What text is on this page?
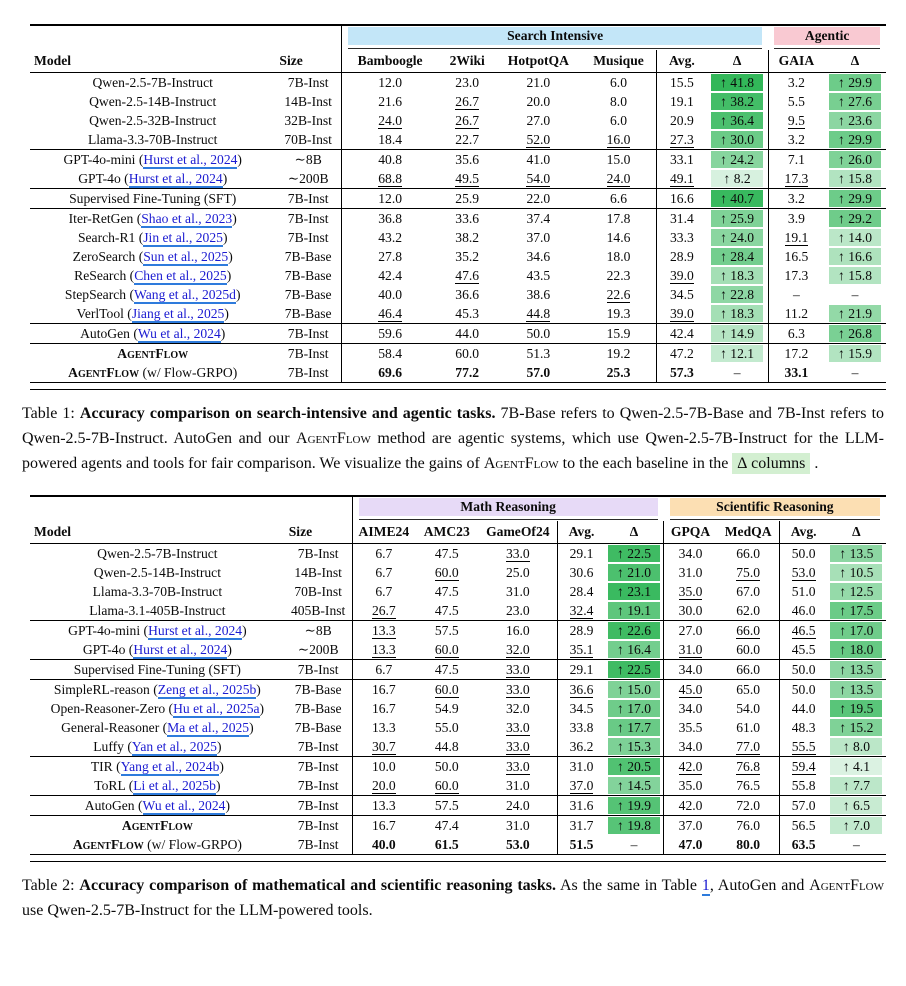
		Search Intensive						Agentic	

Model	Size	Bamboogle	2Wiki	HotpotQA	Musique	Avg.	∆	GAIA	∆
Qwen-2.5-7B-Instruct	7B-Inst	12.0	23.0	21.0	6.0	15.5	↑ 41.8	3.2	↑ 29.9

Qwen-2.5-14B-Instruct	14B-Inst	21.6	26.7	20.0	8.0	19.1	↑ 38.2	5.5	↑ 27.6

Qwen-2.5-32B-Instruct	32B-Inst	24.0	26.7	27.0	6.0	20.9	↑ 36.4	9.5	↑ 23.6

Llama-3.3-70B-Instruct	70B-Inst	18.4	22.7	52.0	16.0	27.3	↑ 30.0	3.2	↑ 29.9

GPT-4o-mini (Hurst et al., 2024)	∼8B	40.8	35.6	41.0	15.0	33.1	↑ 24.2	7.1	↑ 26.0

GPT-4o (Hurst et al., 2024)	∼200B	68.8	49.5	54.0	24.0	49.1	↑ 8.2	17.3	↑ 15.8

Supervised Fine-Tuning (SFT)	7B-Inst	12.0	25.9	22.0	6.6	16.6	↑ 40.7	3.2	↑ 29.9

Iter-RetGen (Shao et al., 2023)	7B-Inst	36.8	33.6	37.4	17.8	31.4	↑ 25.9	3.9	↑ 29.2

Search-R1 (Jin et al., 2025)	7B-Inst	43.2	38.2	37.0	14.6	33.3	↑ 24.0	19.1	↑ 14.0

ZeroSearch (Sun et al., 2025)	7B-Base	27.8	35.2	34.6	18.0	28.9	↑ 28.4	16.5	↑ 16.6

ReSearch (Chen et al., 2025)	7B-Base	42.4	47.6	43.5	22.3	39.0	↑ 18.3	17.3	↑ 15.8

StepSearch (Wang et al., 2025d)	7B-Base	40.0	36.6	38.6	22.6	34.5	↑ 22.8	–	–
VerlTool (Jiang et al., 2025)	7B-Base	46.4	45.3	44.8	19.3	39.0	↑ 18.3	11.2	↑ 21.9

AutoGen (Wu et al., 2024)	7B-Inst	59.6	44.0	50.0	15.9	42.4	↑ 14.9	6.3	↑ 26.8

AgentFlow	7B-Inst	58.4	60.0	51.3	19.2	47.2	↑ 12.1	17.2	↑ 15.9

AgentFlow (w/ Flow-GRPO)	7B-Inst	69.6	77.2	57.0	25.3	57.3	–	33.1	–

Table 1: Accuracy comparison on search-intensive and agentic tasks. 7B-Base refers to Qwen-2.5-7B-Base and 7B-Inst refers to Qwen-2.5-7B-Instruct. AutoGen and our AgentFlow method are agentic systems, which use Qwen-2.5-7B-Instruct for the LLM-powered agents and tools for fair comparison. We visualize the gains of AgentFlow to the each baseline in the ∆ columns .

		Math Reasoning					Scientific Reasoning			

Model	Size	AIME24	AMC23	GameOf24	Avg.	∆	GPQA	MedQA	Avg.	∆
Qwen-2.5-7B-Instruct	7B-Inst	6.7	47.5	33.0	29.1	↑ 22.5	34.0	66.0	50.0	↑ 13.5

Qwen-2.5-14B-Instruct	14B-Inst	6.7	60.0	25.0	30.6	↑ 21.0	31.0	75.0	53.0	↑ 10.5

Llama-3.3-70B-Instruct	70B-Inst	6.7	47.5	31.0	28.4	↑ 23.1	35.0	67.0	51.0	↑ 12.5

Llama-3.1-405B-Instruct	405B-Inst	26.7	47.5	23.0	32.4	↑ 19.1	30.0	62.0	46.0	↑ 17.5

GPT-4o-mini (Hurst et al., 2024)	∼8B	13.3	57.5	16.0	28.9	↑ 22.6	27.0	66.0	46.5	↑ 17.0

GPT-4o (Hurst et al., 2024)	∼200B	13.3	60.0	32.0	35.1	↑ 16.4	31.0	60.0	45.5	↑ 18.0

Supervised Fine-Tuning (SFT)	7B-Inst	6.7	47.5	33.0	29.1	↑ 22.5	34.0	66.0	50.0	↑ 13.5

SimpleRL-reason (Zeng et al., 2025b)	7B-Base	16.7	60.0	33.0	36.6	↑ 15.0	45.0	65.0	50.0	↑ 13.5

Open-Reasoner-Zero (Hu et al., 2025a)	7B-Base	16.7	54.9	32.0	34.5	↑ 17.0	34.0	54.0	44.0	↑ 19.5

General-Reasoner (Ma et al., 2025)	7B-Base	13.3	55.0	33.0	33.8	↑ 17.7	35.5	61.0	48.3	↑ 15.2

Luffy (Yan et al., 2025)	7B-Inst	30.7	44.8	33.0	36.2	↑ 15.3	34.0	77.0	55.5	↑ 8.0

TIR (Yang et al., 2024b)	7B-Inst	10.0	50.0	33.0	31.0	↑ 20.5	42.0	76.8	59.4	↑ 4.1

ToRL (Li et al., 2025b)	7B-Inst	20.0	60.0	31.0	37.0	↑ 14.5	35.0	76.5	55.8	↑ 7.7

AutoGen (Wu et al., 2024)	7B-Inst	13.3	57.5	24.0	31.6	↑ 19.9	42.0	72.0	57.0	↑ 6.5

AgentFlow	7B-Inst	16.7	47.4	31.0	31.7	↑ 19.8	37.0	76.0	56.5	↑ 7.0

AgentFlow (w/ Flow-GRPO)	7B-Inst	40.0	61.5	53.0	51.5	–	47.0	80.0	63.5	–

Table 2: Accuracy comparison of mathematical and scientific reasoning tasks. As the same in Table 1, AutoGen and AgentFlow use Qwen-2.5-7B-Instruct for the LLM-powered tools.
